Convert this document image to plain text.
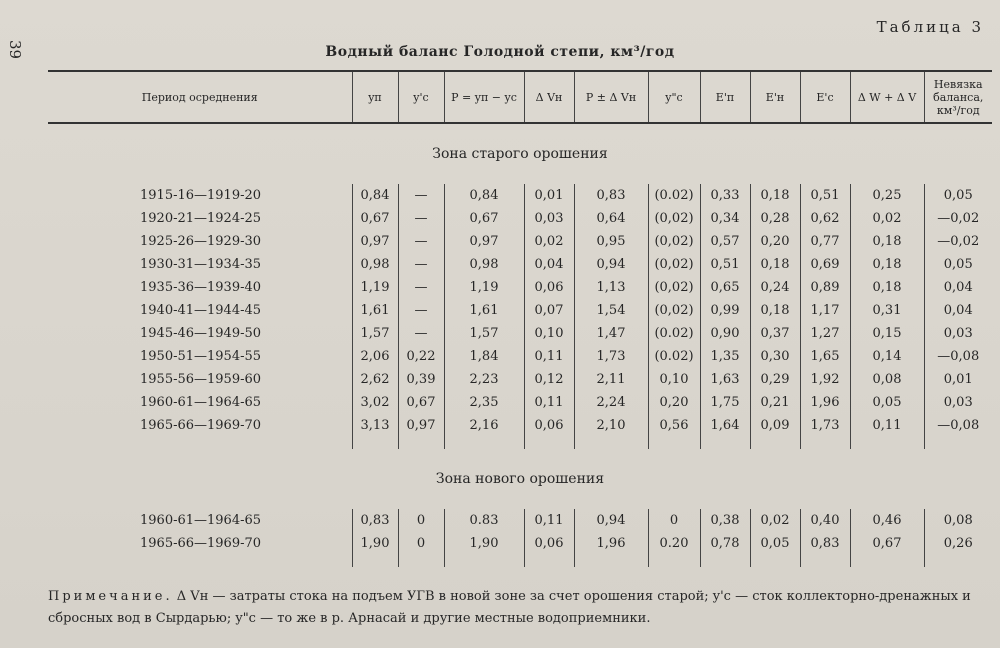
39
Таблица 3
Водный баланс Голодной степи, км³/год
Период осреднения	yп	y'с	P = yп − yс	Δ Vн	P ± Δ Vн	y"с	E'п	E'н	E'с	Δ W + Δ V	Невязка баланса, км³/год
Зона старого орошения											
1915-16—1919-20	0,84	—	0,84	0,01	0,83	(0.02)	0,33	0,18	0,51	0,25	0,05
1920-21—1924-25	0,67	—	0,67	0,03	0,64	(0,02)	0,34	0,28	0,62	0,02	—0,02
1925-26—1929-30	0,97	—	0,97	0,02	0,95	(0,02)	0,57	0,20	0,77	0,18	—0,02
1930-31—1934-35	0,98	—	0,98	0,04	0,94	(0,02)	0,51	0,18	0,69	0,18	0,05
1935-36—1939-40	1,19	—	1,19	0,06	1,13	(0,02)	0,65	0,24	0,89	0,18	0,04
1940-41—1944-45	1,61	—	1,61	0,07	1,54	(0,02)	0,99	0,18	1,17	0,31	0,04
1945-46—1949-50	1,57	—	1,57	0,10	1,47	(0.02)	0,90	0,37	1,27	0,15	0,03
1950-51—1954-55	2,06	0,22	1,84	0,11	1,73	(0.02)	1,35	0,30	1,65	0,14	—0,08
1955-56—1959-60	2,62	0,39	2,23	0,12	2,11	0,10	1,63	0,29	1,92	0,08	0,01
1960-61—1964-65	3,02	0,67	2,35	0,11	2,24	0,20	1,75	0,21	1,96	0,05	0,03
1965-66—1969-70	3,13	0,97	2,16	0,06	2,10	0,56	1,64	0,09	1,73	0,11	—0,08

Зона нового орошения											
1960-61—1964-65	0,83	0	0.83	0,11	0,94	0	0,38	0,02	0,40	0,46	0,08
1965-66—1969-70	1,90	0	1,90	0,06	1,96	0.20	0,78	0,05	0,83	0,67	0,26

Примечание. Δ Vн — затраты стока на подъем УГВ в новой зоне за счет орошения старой; y'с — сток коллекторно-дренажных и сбросных вод в Сырдарью; y"с — то же в р. Арнасай и другие местные водоприемники.
